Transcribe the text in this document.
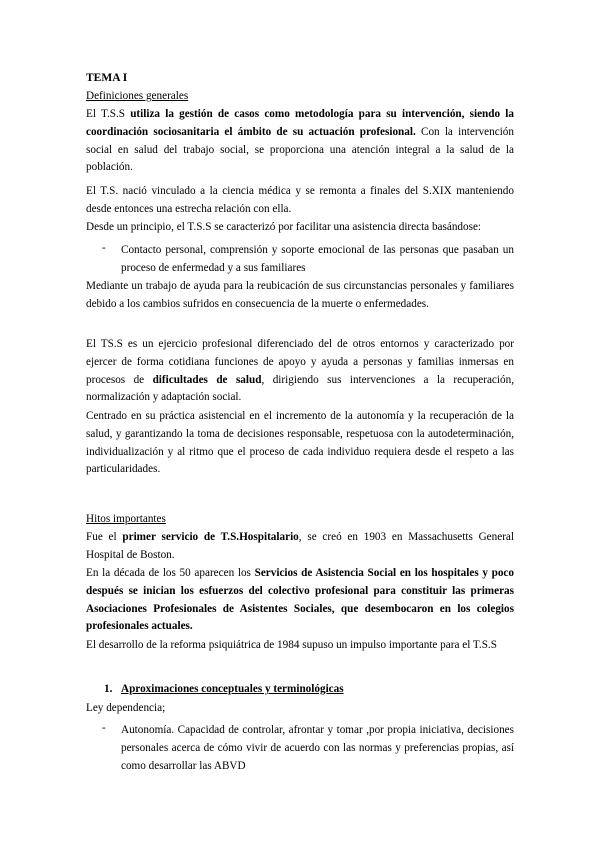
TEMA I

Definiciones generales

El T.S.S utiliza la gestión de casos como metodología para su intervención, siendo la coordinación sociosanitaria el ámbito de su actuación profesional. Con la intervención social en salud del trabajo social, se proporciona una atención integral a la salud de la población.

El T.S. nació vinculado a la ciencia médica y se remonta a finales del S.XIX manteniendo desde entonces una estrecha relación con ella.

Desde un principio, el T.S.S se caracterizó por facilitar una asistencia directa basándose:

- Contacto personal, comprensión y soporte emocional de las personas que pasaban un proceso de enfermedad y a sus familiares

Mediante un trabajo de ayuda para la reubicación de sus circunstancias personales y familiares debido a los cambios sufridos en consecuencia de la muerte o enfermedades.

El TS.S es un ejercicio profesional diferenciado del de otros entornos y caracterizado por ejercer de forma cotidiana funciones de apoyo y ayuda a personas y familias inmersas en procesos de dificultades de salud, dirigiendo sus intervenciones a la recuperación, normalización y adaptación social.

Centrado en su práctica asistencial en el incremento de la autonomía y la recuperación de la salud, y garantizando la toma de decisiones responsable, respetuosa con la autodeterminación, individualización y al ritmo que el proceso de cada individuo requiera desde el respeto a las particularidades.

Hitos importantes

Fue el primer servicio de T.S.Hospitalario, se creó en 1903 en Massachusetts General Hospital de Boston.

En la década de los 50 aparecen los Servicios de Asistencia Social en los hospitales y poco después se inician los esfuerzos del colectivo profesional para constituir las primeras Asociaciones Profesionales de Asistentes Sociales, que desembocaron en los colegios profesionales actuales.

El desarrollo de la reforma psiquiátrica de 1984 supuso un impulso importante para el T.S.S

1. Aproximaciones conceptuales y terminológicas

Ley dependencia;

- Autonomía. Capacidad de controlar, afrontar y tomar ,por propia iniciativa, decisiones personales acerca de cómo vivir de acuerdo con las normas y preferencias propias, así como desarrollar las ABVD
